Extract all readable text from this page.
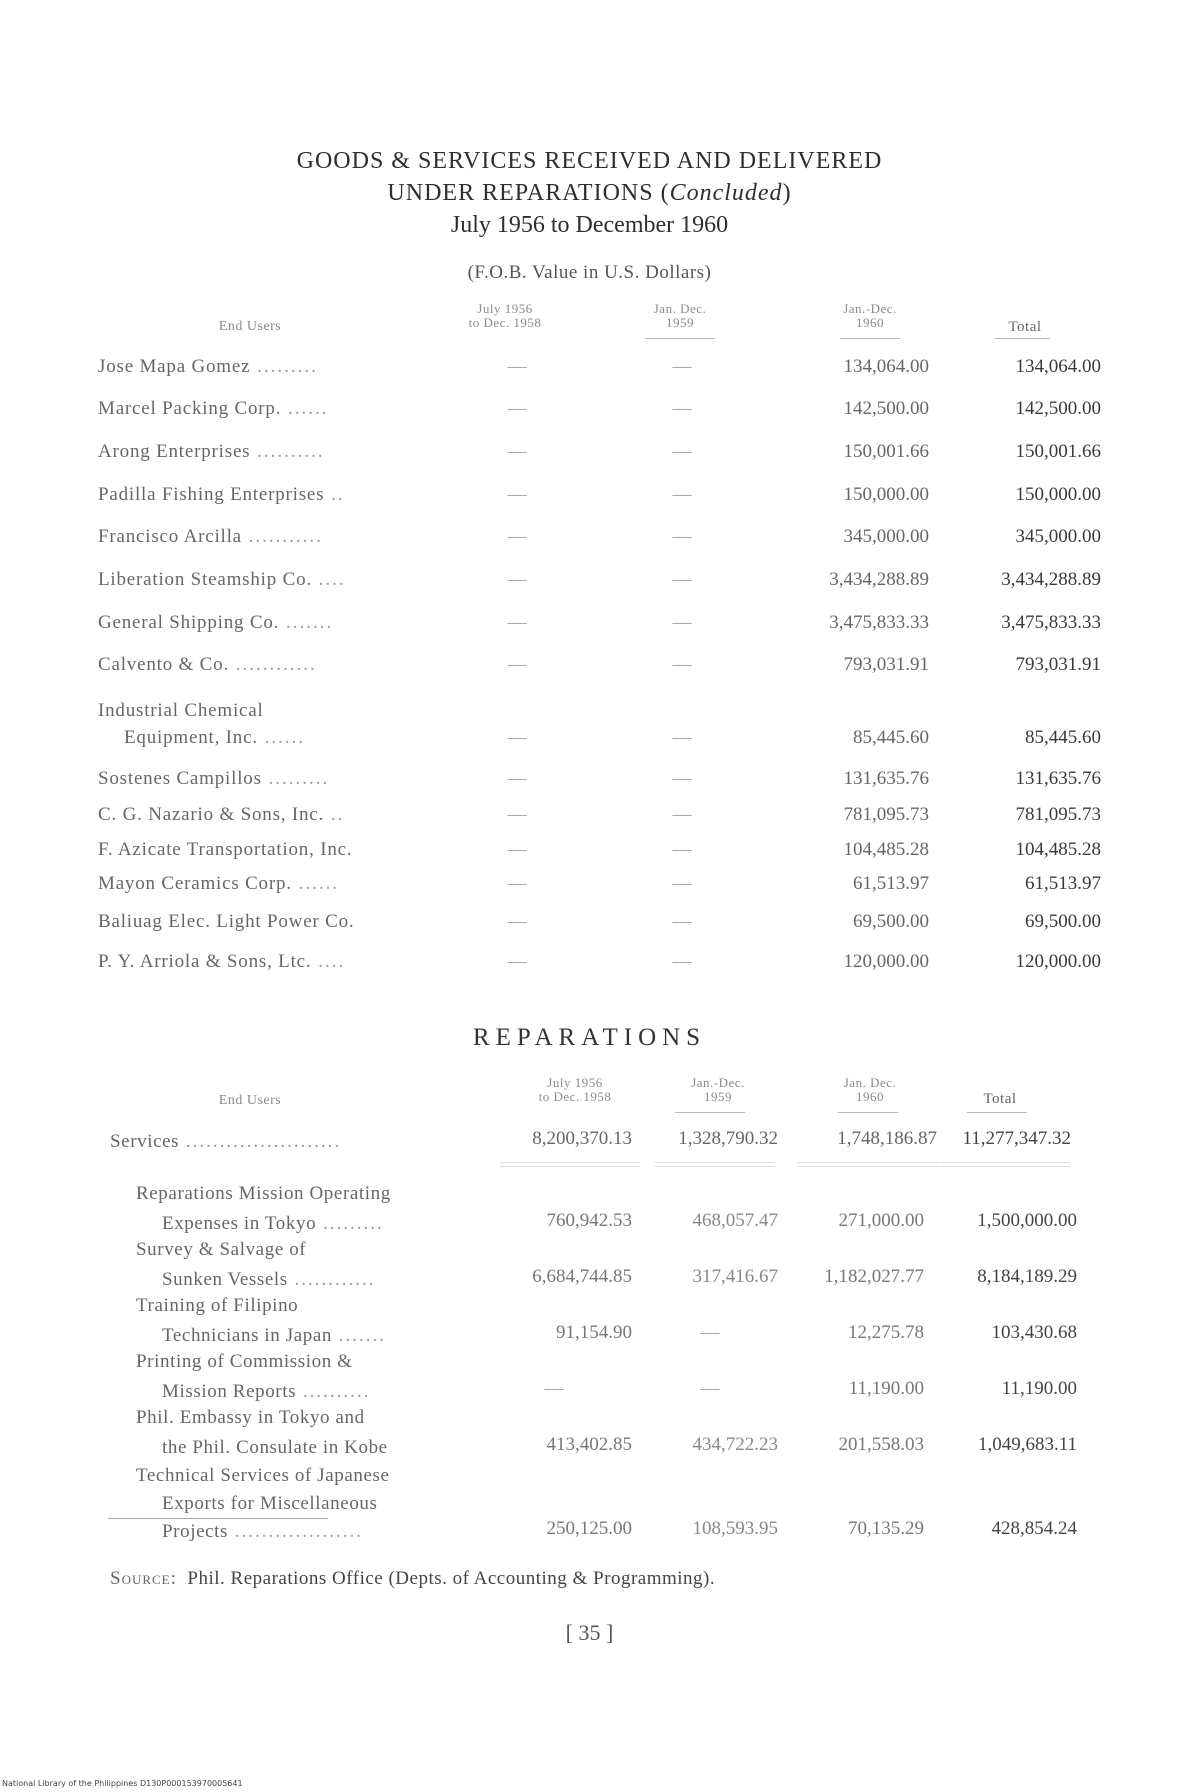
GOODS & SERVICES RECEIVED AND DELIVERED
UNDER REPARATIONS (Concluded)
July 1956 to December 1960
(F.O.B. Value in U.S. Dollars)
End Users
July 1956
to Dec. 1958
Jan. Dec.
1959
Jan.-Dec.
1960	Total
Jose Mapa Gomez .........	—	—	134,064.00	134,064.00
Marcel Packing Corp. ......	—	—	142,500.00	142,500.00
Arong Enterprises ..........	—	—	150,001.66	150,001.66
Padilla Fishing Enterprises ..	—	—	150,000.00	150,000.00
Francisco Arcilla ...........	—	—	345,000.00	345,000.00
Liberation Steamship Co. ....	—	—	3,434,288.89	3,434,288.89
General Shipping Co. .......	—	—	3,475,833.33	3,475,833.33
Calvento & Co. ............	—	—	793,031.91	793,031.91
Industrial Chemical
Equipment, Inc. ......	—	—	85,445.60	85,445.60
Sostenes Campillos .........	—	—	131,635.76	131,635.76
C. G. Nazario & Sons, Inc. ..	—	—	781,095.73	781,095.73
F. Azicate Transportation, Inc.	—	—	104,485.28	104,485.28
Mayon Ceramics Corp. ......	—	—	61,513.97	61,513.97
Baliuag Elec. Light Power Co.	—	—	69,500.00	69,500.00
P. Y. Arriola & Sons, Ltc. ....	—	—	120,000.00	120,000.00
REPARATIONS
End Users
July 1956
to Dec. 1958
Jan.-Dec.
1959
Jan. Dec.
1960	Total
Services .......................	8,200,370.13 1,328,790.32	1,748,186.87 11,277,347.32
Reparations Mission Operating
Expenses in Tokyo .........	760,942.53	468,057.47	271,000.00	1,500,000.00
Survey & Salvage of
Sunken Vessels ............	6,684,744.85	317,416.67 1,182,027.77	8,184,189.29
Training of Filipino
Technicians in Japan .......	91,154.90	—	12,275.78	103,430.68
Printing of Commission &
Mission Reports ..........	—	—	11,190.00	11,190.00
Phil. Embassy in Tokyo and
the Phil. Consulate in Kobe	413,402.85	434,722.23	201,558.03	1,049,683.11
Technical Services of Japanese
Exports for Miscellaneous
Projects ...................	250,125.00	108,593.95	70,135.29	428,854.24
Source: Phil. Reparations Office (Depts. of Accounting & Programming).
[ 35 ]
National Library of the Philippines D130P000153970005641
